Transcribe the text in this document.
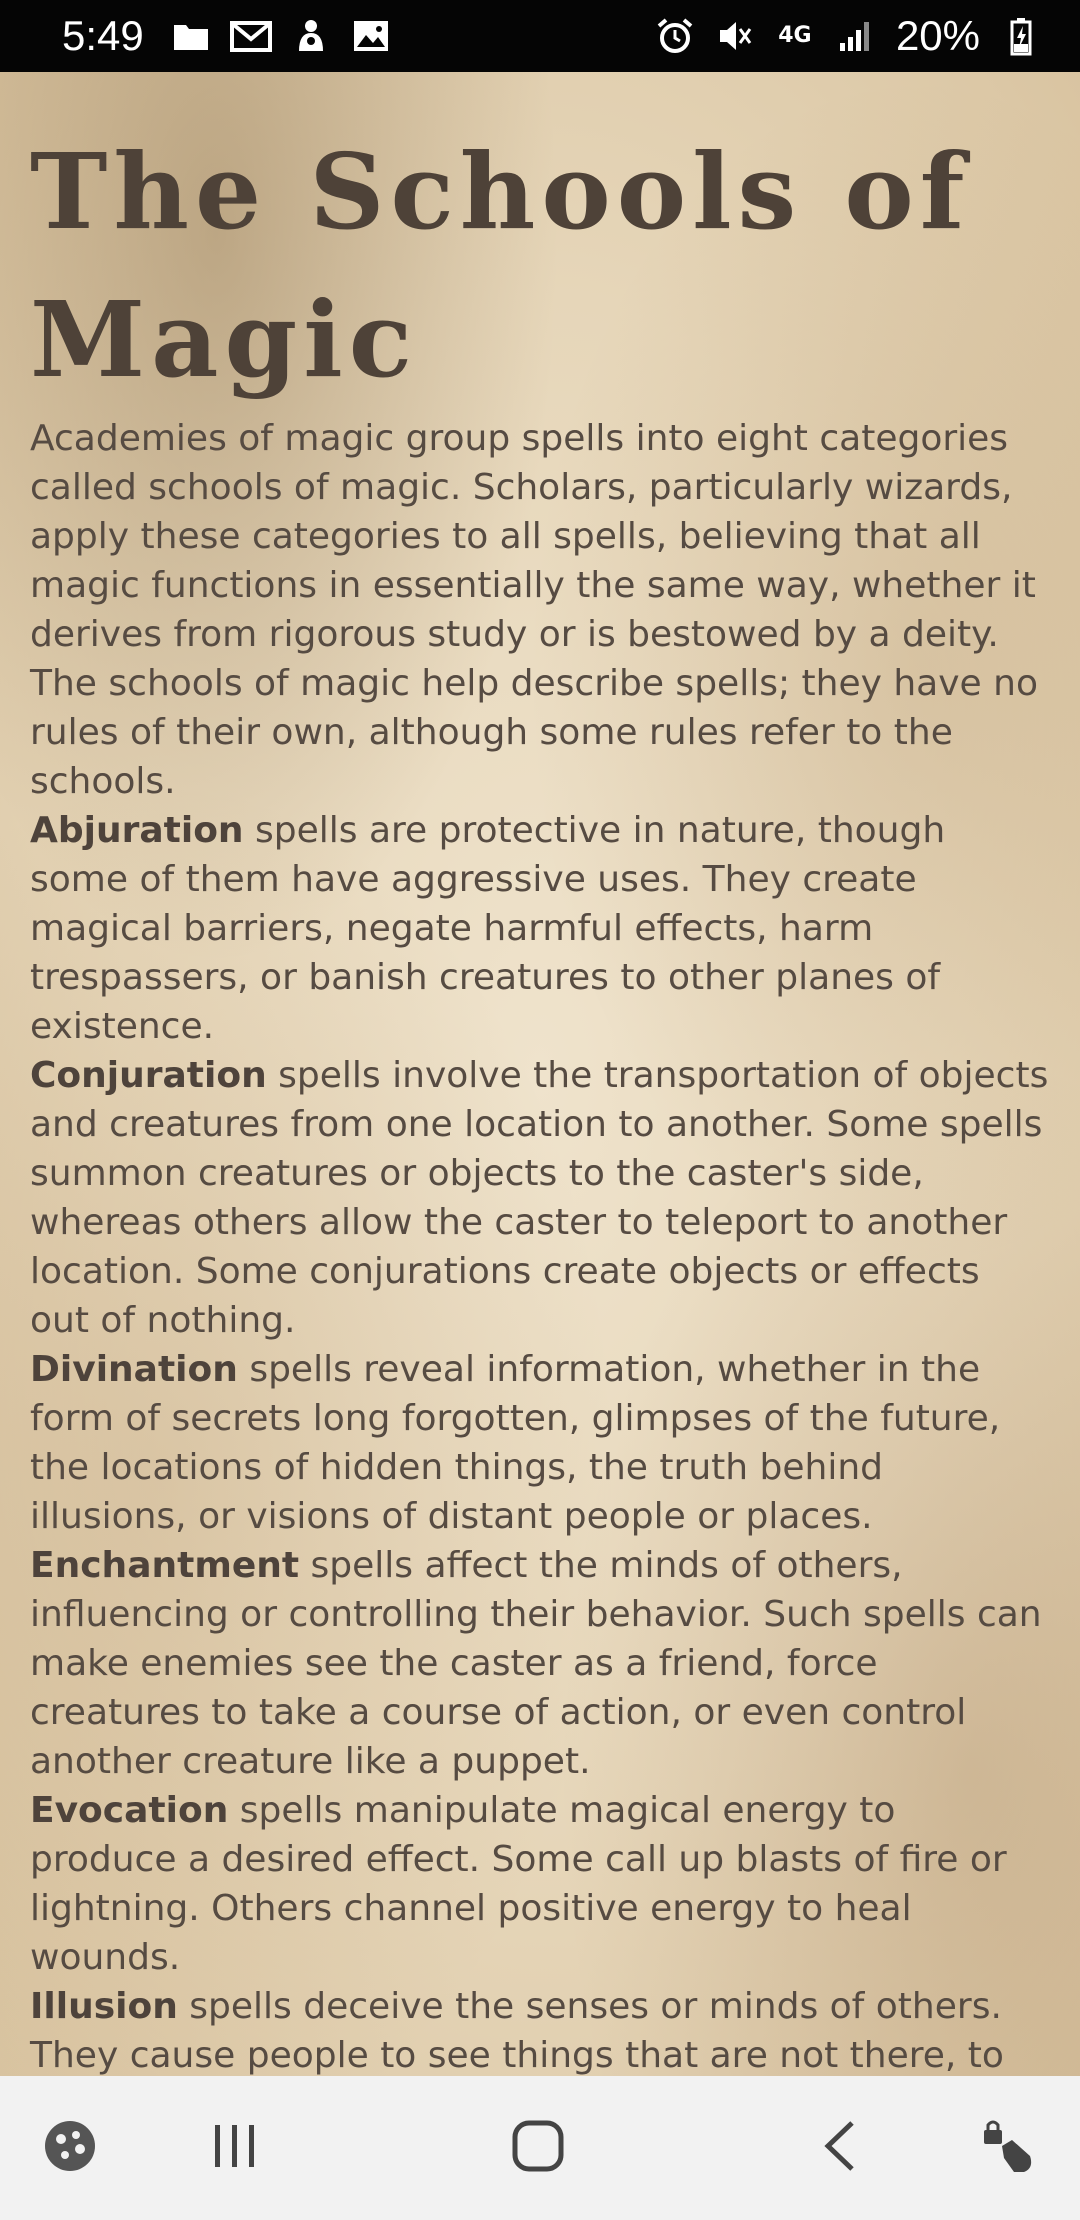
5:49	4G 20%
The Schools of Magic

Academies of magic group spells into eight categories called schools of magic. Scholars, particularly wizards, apply these categories to all spells, believing that all magic functions in essentially the same way, whether it derives from rigorous study or is bestowed by a deity.

The schools of magic help describe spells; they have no rules of their own, although some rules refer to the schools.

Abjuration spells are protective in nature, though some of them have aggressive uses. They create magical barriers, negate harmful effects, harm trespassers, or banish creatures to other planes of existence.

Conjuration spells involve the transportation of objects and creatures from one location to another. Some spells summon creatures or objects to the caster's side, whereas others allow the caster to teleport to another location. Some conjurations create objects or effects out of nothing.

Divination spells reveal information, whether in the form of secrets long forgotten, glimpses of the future, the locations of hidden things, the truth behind illusions, or visions of distant people or places.

Enchantment spells affect the minds of others, influencing or controlling their behavior. Such spells can make enemies see the caster as a friend, force creatures to take a course of action, or even control another creature like a puppet.

Evocation spells manipulate magical energy to produce a desired effect. Some call up blasts of fire or lightning. Others channel positive energy to heal wounds.

Illusion spells deceive the senses or minds of others. They cause people to see things that are not there, to
